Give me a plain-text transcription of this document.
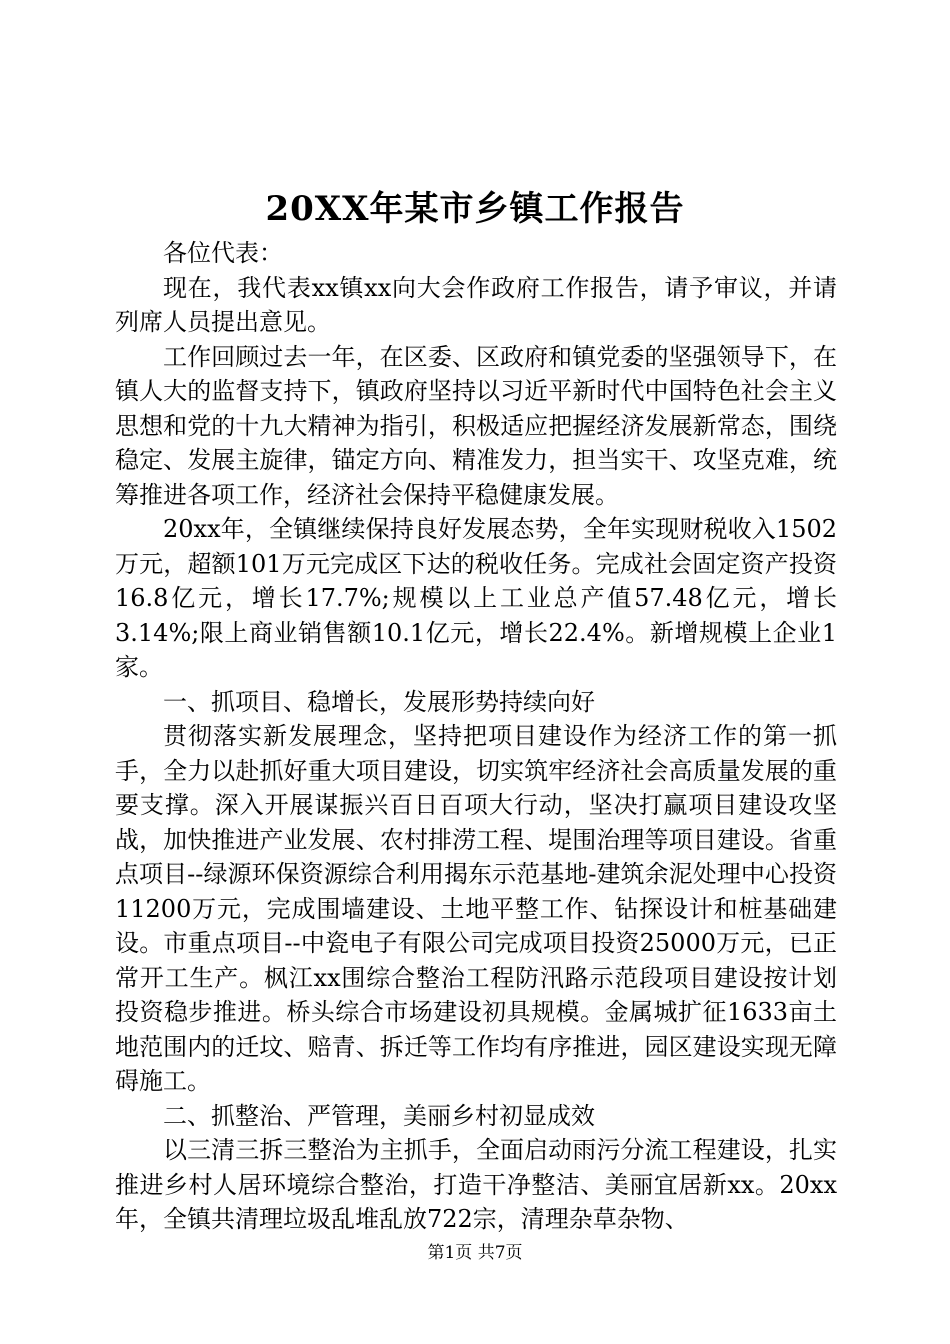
20XX年某市乡镇工作报告

各位代表：

现在，我代表xx镇xx向大会作政府工作报告，请予审议，并请列席人员提出意见。

工作回顾过去一年，在区委、区政府和镇党委的坚强领导下，在镇人大的监督支持下，镇政府坚持以习近平新时代中国特色社会主义思想和党的十九大精神为指引，积极适应把握经济发展新常态，围绕稳定、发展主旋律，锚定方向、精准发力，担当实干、攻坚克难，统筹推进各项工作，经济社会保持平稳健康发展。

20xx年，全镇继续保持良好发展态势，全年实现财税收入1502万元，超额101万元完成区下达的税收任务。完成社会固定资产投资16.8亿元，增长17.7%;规模以上工业总产值57.48亿元，增长3.14%;限上商业销售额10.1亿元，增长22.4%。新增规模上企业1家。

一、抓项目、稳增长，发展形势持续向好

贯彻落实新发展理念，坚持把项目建设作为经济工作的第一抓手，全力以赴抓好重大项目建设，切实筑牢经济社会高质量发展的重要支撑。深入开展谋振兴百日百项大行动，坚决打赢项目建设攻坚战，加快推进产业发展、农村排涝工程、堤围治理等项目建设。省重点项目--绿源环保资源综合利用揭东示范基地-建筑余泥处理中心投资11200万元，完成围墙建设、土地平整工作、钻探设计和桩基础建设。市重点项目--中瓷电子有限公司完成项目投资25000万元，已正常开工生产。枫江xx围综合整治工程防汛路示范段项目建设按计划投资稳步推进。桥头综合市场建设初具规模。金属城扩征1633亩土地范围内的迁坟、赔青、拆迁等工作均有序推进，园区建设实现无障碍施工。

二、抓整治、严管理，美丽乡村初显成效

以三清三拆三整治为主抓手，全面启动雨污分流工程建设，扎实推进乡村人居环境综合整治，打造干净整洁、美丽宜居新xx。20xx年，全镇共清理垃圾乱堆乱放722宗，清理杂草杂物、

第1页 共7页
